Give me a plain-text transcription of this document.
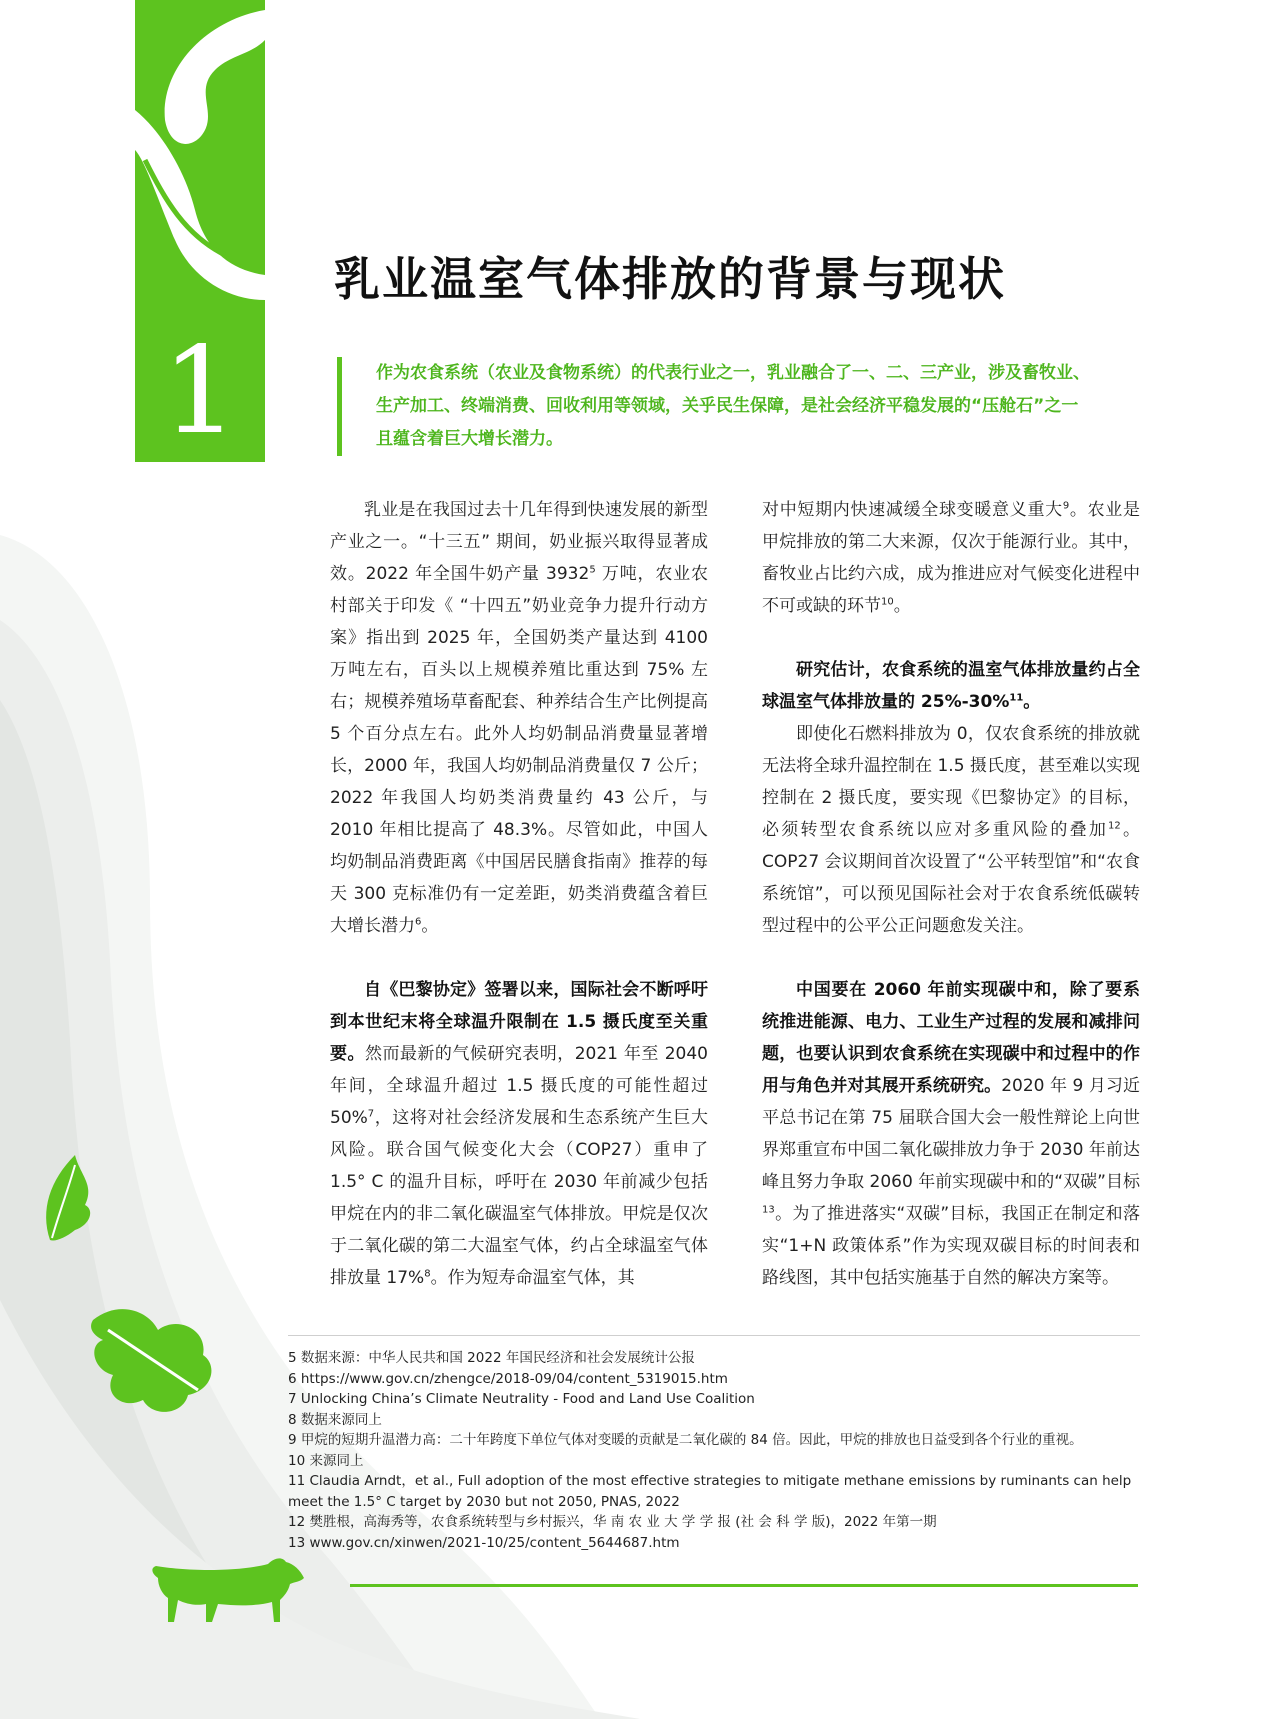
1
乳业温室气体排放的背景与现状

作为农食系统（农业及食物系统）的代表行业之一，乳业融合了一、二、三产业，涉及畜牧业、生产加工、终端消费、回收利用等领域，关乎民生保障，是社会经济平稳发展的“压舱石”之一且蕴含着巨大增长潜力。

乳业是在我国过去十几年得到快速发展的新型产业之一。“十三五” 期间，奶业振兴取得显著成效。2022 年全国牛奶产量 3932$^5$ 万吨，农业农村部关于印发《 “十四五”奶业竞争力提升行动方案》指出到 2025 年，全国奶类产量达到 4100 万吨左右，百头以上规模养殖比重达到 75% 左右；规模养殖场草畜配套、种养结合生产比例提高 5 个百分点左右。此外人均奶制品消费量显著增长，2000 年，我国人均奶制品消费量仅 7 公斤；2022 年我国人均奶类消费量约 43 公斤，与 2010 年相比提高了 48.3%。尽管如此，中国人均奶制品消费距离《中国居民膳食指南》推荐的每天 300 克标准仍有一定差距，奶类消费蕴含着巨大增长潜力$^6$。

自《巴黎协定》签署以来，国际社会不断呼吁到本世纪末将全球温升限制在 1.5 摄氏度至关重要。然而最新的气候研究表明，2021 年至 2040 年间，全球温升超过 1.5 摄氏度的可能性超过 50%$^7$，这将对社会经济发展和生态系统产生巨大风险。联合国气候变化大会（COP27）重申了 1.5° C 的温升目标，呼吁在 2030 年前减少包括甲烷在内的非二氧化碳温室气体排放。甲烷是仅次于二氧化碳的第二大温室气体，约占全球温室气体排放量 17%$^8$。作为短寿命温室气体，其

对中短期内快速减缓全球变暖意义重大$^9$。农业是甲烷排放的第二大来源，仅次于能源行业。其中，畜牧业占比约六成，成为推进应对气候变化进程中不可或缺的环节$^{10}$。

研究估计，农食系统的温室气体排放量约占全球温室气体排放量的 25%-30%$^{11}$。

即使化石燃料排放为 0，仅农食系统的排放就无法将全球升温控制在 1.5 摄氏度，甚至难以实现控制在 2 摄氏度，要实现《巴黎协定》的目标，必须转型农食系统以应对多重风险的叠加$^{12}$。COP27 会议期间首次设置了“公平转型馆”和“农食系统馆”，可以预见国际社会对于农食系统低碳转型过程中的公平公正问题愈发关注。

中国要在 2060 年前实现碳中和，除了要系统推进能源、电力、工业生产过程的发展和减排问题，也要认识到农食系统在实现碳中和过程中的作用与角色并对其展开系统研究。2020 年 9 月习近平总书记在第 75 届联合国大会一般性辩论上向世界郑重宣布中国二氧化碳排放力争于 2030 年前达峰且努力争取 2060 年前实现碳中和的“双碳”目标$^{13}$。为了推进落实“双碳”目标，我国正在制定和落实“1+N 政策体系”作为实现双碳目标的时间表和路线图，其中包括实施基于自然的解决方案等。

5 数据来源：中华人民共和国 2022 年国民经济和社会发展统计公报
6 https://www.gov.cn/zhengce/2018-09/04/content_5319015.htm
7 Unlocking China’s Climate Neutrality - Food and Land Use Coalition
8 数据来源同上
9 甲烷的短期升温潜力高：二十年跨度下单位气体对变暖的贡献是二氧化碳的 84 倍。因此，甲烷的排放也日益受到各个行业的重视。
10 来源同上
11 Claudia Arndt，et al., Full adoption of the most effective strategies to mitigate methane emissions by ruminants can help meet the 1.5° C target by 2030 but not 2050, PNAS, 2022
12 樊胜根，高海秀等，农食系统转型与乡村振兴，华 南 农 业 大 学 学 报 (社 会 科 学 版)，2022 年第一期
13 www.gov.cn/xinwen/2021-10/25/content_5644687.htm
